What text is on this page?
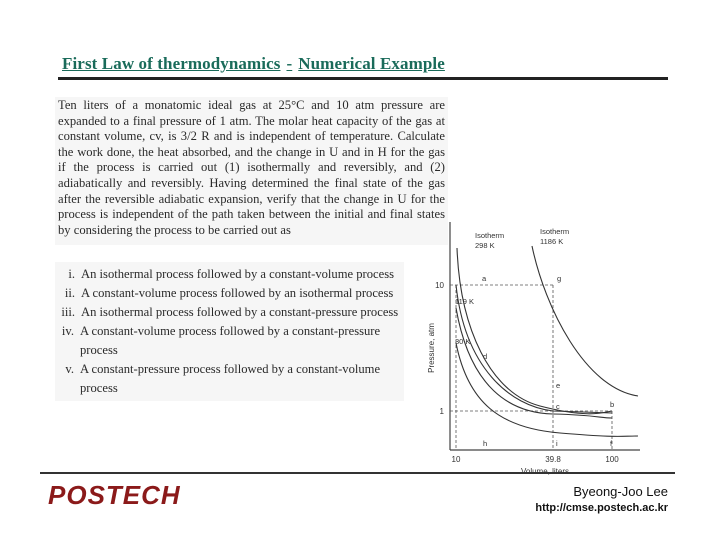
First Law of thermodynamics - Numerical Example

Ten liters of a monatomic ideal gas at 25°C and 10 atm pressure are expanded to a final pressure of 1 atm. The molar heat capacity of the gas at constant volume, cv, is 3/2 R and is independent of temperature. Calculate the work done, the heat absorbed, and the change in U and in H for the gas if the process is carried out (1) isothermally and reversibly, and (2) adiabatically and reversibly. Having determined the final state of the gas after the reversible adiabatic expansion, verify that the change in U for the process is independent of the path taken between the initial and final states by considering the process to be carried out as

i. An isothermal process followed by a constant-volume process
ii. A constant-volume process followed by an isothermal process
iii. An isothermal process followed by a constant-pressure process
iv. A constant-volume process followed by a constant-pressure process
v. A constant-pressure process followed by a constant-volume process
10	39.8	100
10
1
Pressure, atm
Isotherm
298 K
Isotherm
1186 K
119 K
30 K
a	g
d
e
c	b
h	i	f
POSTECH	Byeong-Joo Lee
http://cmse.postech.ac.kr
